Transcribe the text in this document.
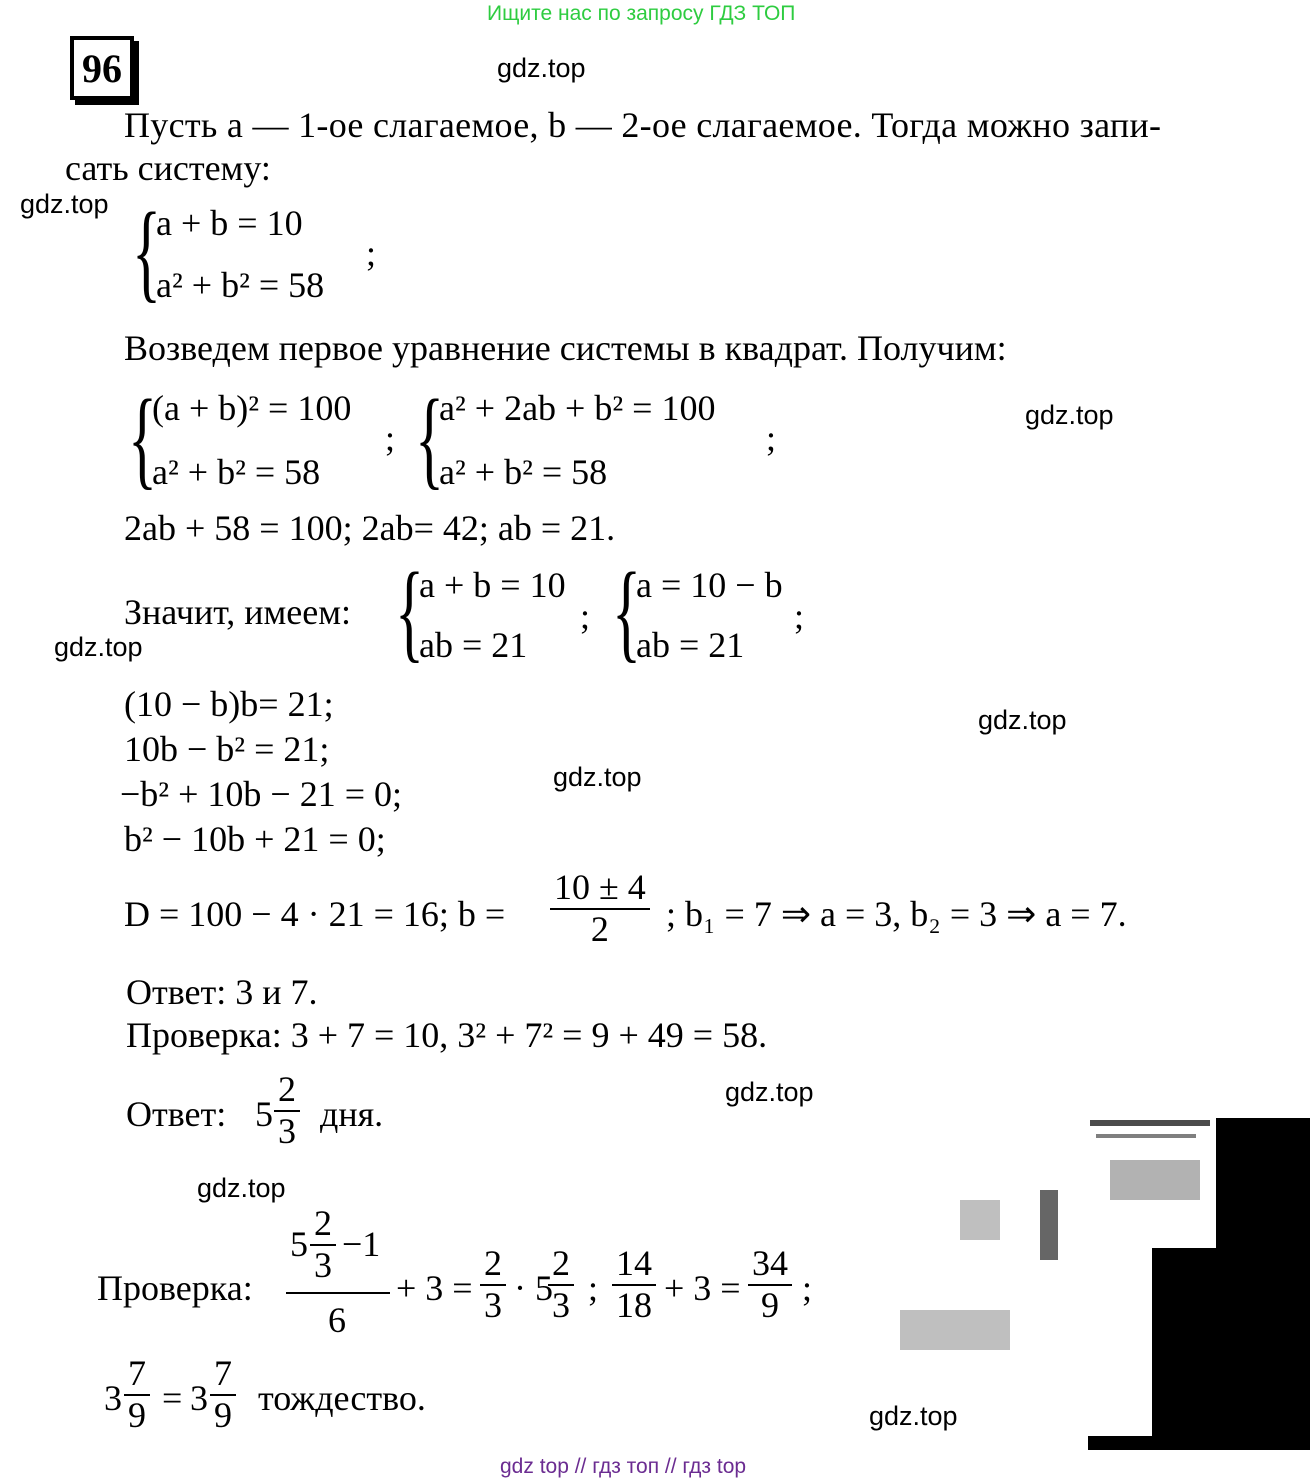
Ищите нас по запросу ГДЗ ТОП
96	gdz.top
gdz.top
gdz.top
gdz.top
gdz.top
gdz.top
gdz.top
gdz.top
gdz.top
Пусть a — 1-ое слагаемое, b — 2-ое слагаемое. Тогда можно запи-
сать систему:
{
a + b = 10
a² + b² = 58
;
Возведем первое уравнение системы в квадрат. Получим:
{
(a + b)² = 100
a² + b² = 58
; {
a² + 2ab + b² = 100
a² + b² = 58
;
2ab + 58 = 100; 2ab= 42; ab = 21.
Значит, имеем: {
a + b = 10
ab = 21
; {
a = 10 − b
ab = 21
;
(10 − b)b= 21;
10b − b² = 21;
−b² + 10b − 21 = 0;
b² − 10b + 21 = 0;
D = 100 − 4 · 21 = 16; $b = \frac{10 \pm 4}{2}$ ; b₁ = 7 ⇒ a = 3, b₂ = 3 ⇒ a = 7.
Ответ: 3 и 7.
Проверка: 3 + 7 = 10, 3² + 7² = 9 + 49 = 58.
Ответ: $5 \frac{2}{3}$ дня.
Проверка:
$5 \frac{2}{3} -1$
6
+ $3 = \frac{2}{3} \cdot 5$
$\frac{2}{3}$ ; $\frac{14}{18} + 3 = \frac{34}{9}$ ;
$3 \frac{7}{9} = 3 \frac{7}{9}$ тождество.
gdz top // гдз топ // гдз top
